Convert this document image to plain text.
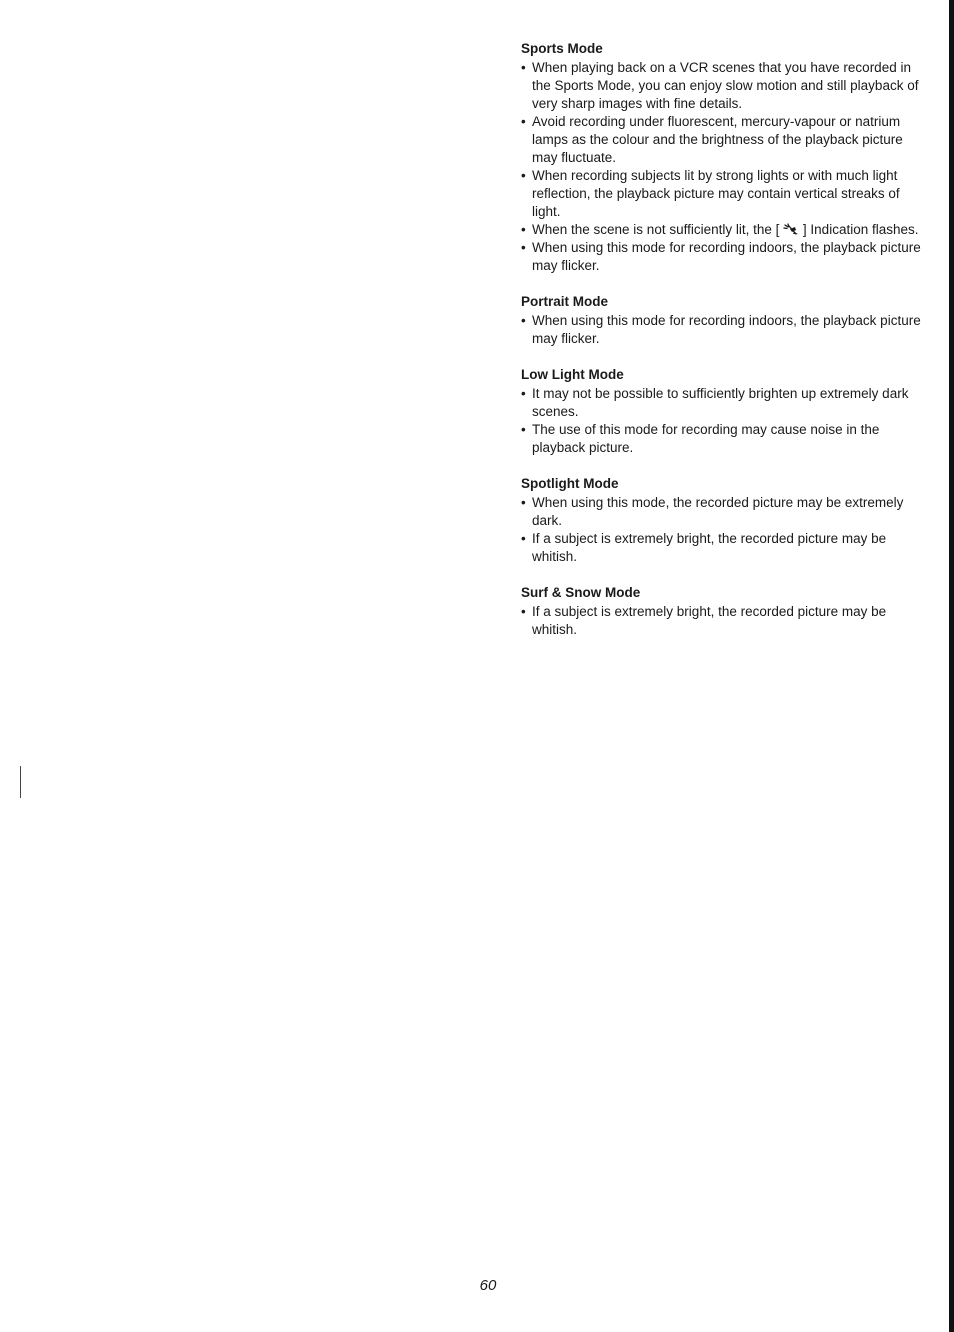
Sports Mode
• When playing back on a VCR scenes that you have recorded in the Sports Mode, you can enjoy slow motion and still playback of very sharp images with fine details.
• Avoid recording under fluorescent, mercury-vapour or natrium lamps as the colour and the brightness of the playback picture may fluctuate.
• When recording subjects lit by strong lights or with much light reflection, the playback picture may contain vertical streaks of light.
• When the scene is not sufficiently lit, the [ ] Indication flashes.
• When using this mode for recording indoors, the playback picture may flicker.
Portrait Mode
• When using this mode for recording indoors, the playback picture may flicker.
Low Light Mode
• It may not be possible to sufficiently brighten up extremely dark scenes.
• The use of this mode for recording may cause noise in the playback picture.
Spotlight Mode
• When using this mode, the recorded picture may be extremely dark.
• If a subject is extremely bright, the recorded picture may be whitish.
Surf & Snow Mode
• If a subject is extremely bright, the recorded picture may be whitish.
60
